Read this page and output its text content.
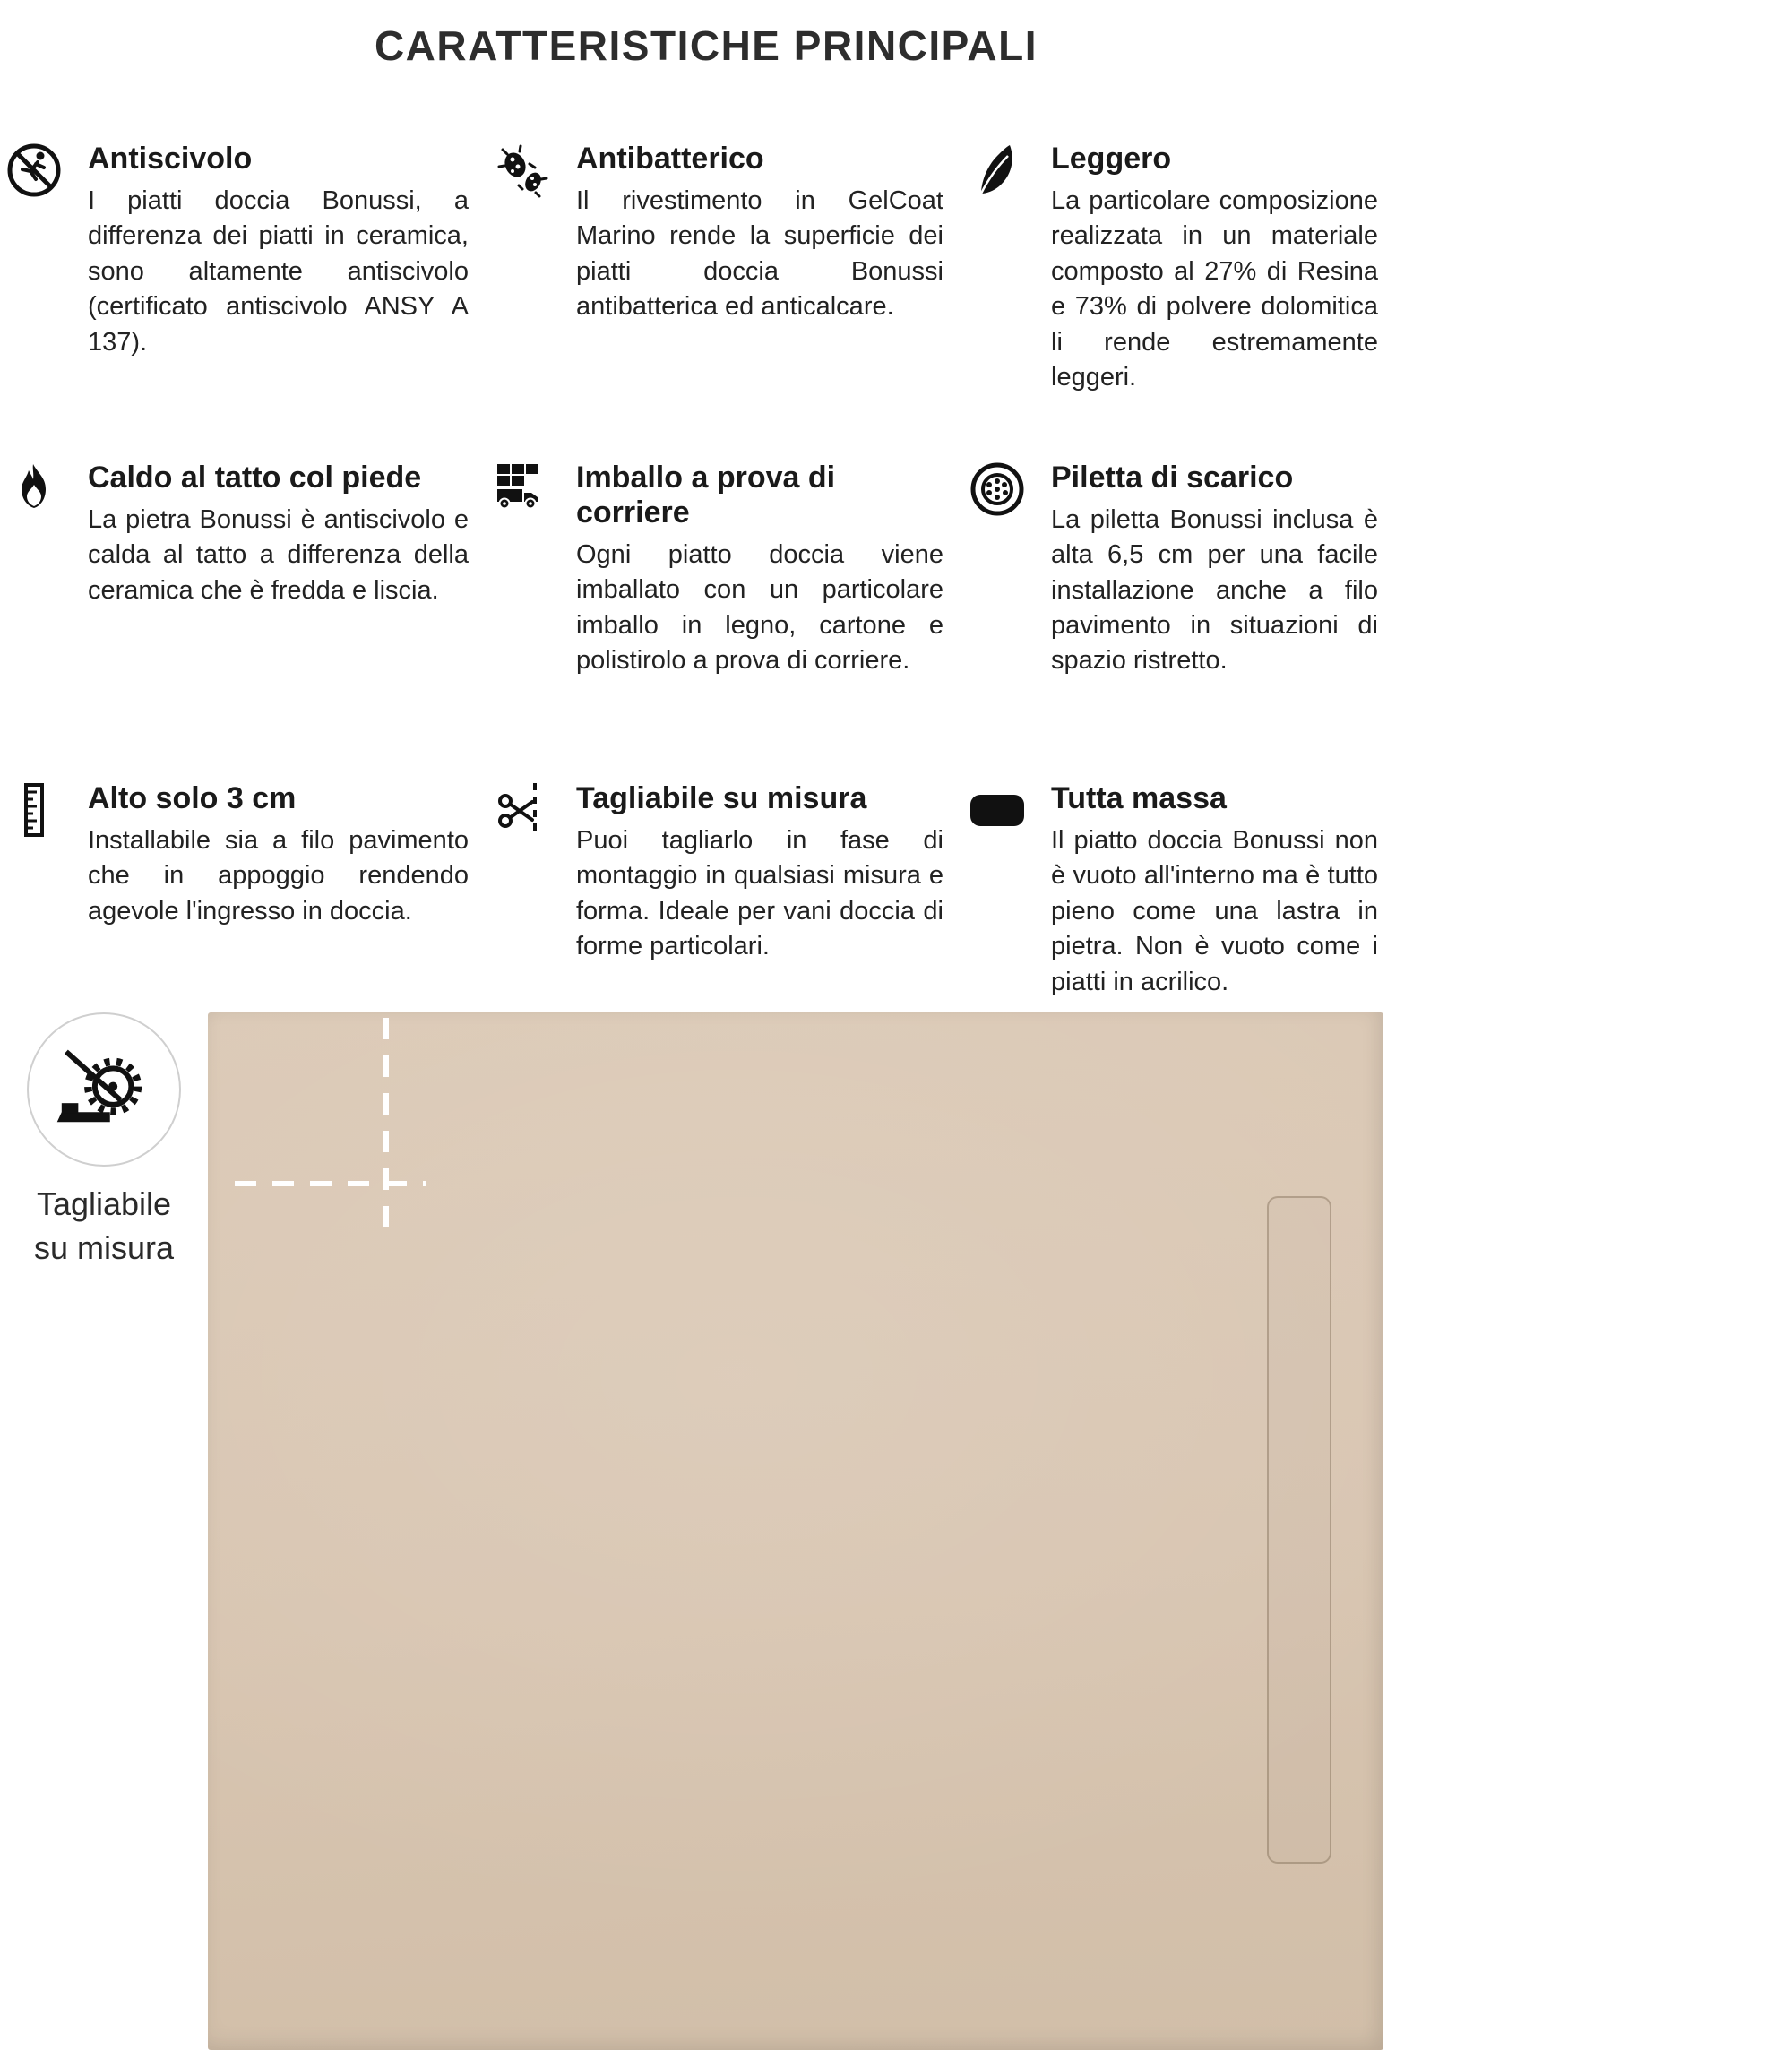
CARATTERISTICHE PRINCIPALI
Antiscivolo

I piatti doccia Bonussi, a differenza dei piatti in ceramica, sono altamente antiscivolo (certificato antiscivolo ANSY A 137).

Antibatterico

Il rivestimento in GelCoat Marino rende la superficie dei piatti doccia Bonussi antibatterica ed anticalcare.

Leggero

La particolare composizione realizzata in un materiale composto al 27% di Resina e 73% di polvere dolomitica li rende estremamente leggeri.

Caldo al tatto col piede

La pietra Bonussi è antiscivolo e calda al tatto a differenza della ceramica che è fredda e liscia.

Imballo a prova di corriere

Ogni piatto doccia viene imballato con un particolare imballo in legno, cartone e polistirolo a prova di corriere.

Piletta di scarico

La piletta Bonussi inclusa è alta 6,5 cm per una facile installazione anche a filo pavimento in situazioni di spazio ristretto.

Alto solo 3 cm

Installabile sia a filo pavimento che in appoggio rendendo agevole l'ingresso in doccia.

Tagliabile su misura

Puoi tagliarlo in fase di montaggio in qualsiasi misura e forma. Ideale per vani doccia di forme particolari.

Tutta massa

Il piatto doccia Bonussi non è vuoto all'interno ma è tutto pieno come una lastra in pietra. Non è vuoto come i piatti in acrilico.

Tagliabile
su misura
